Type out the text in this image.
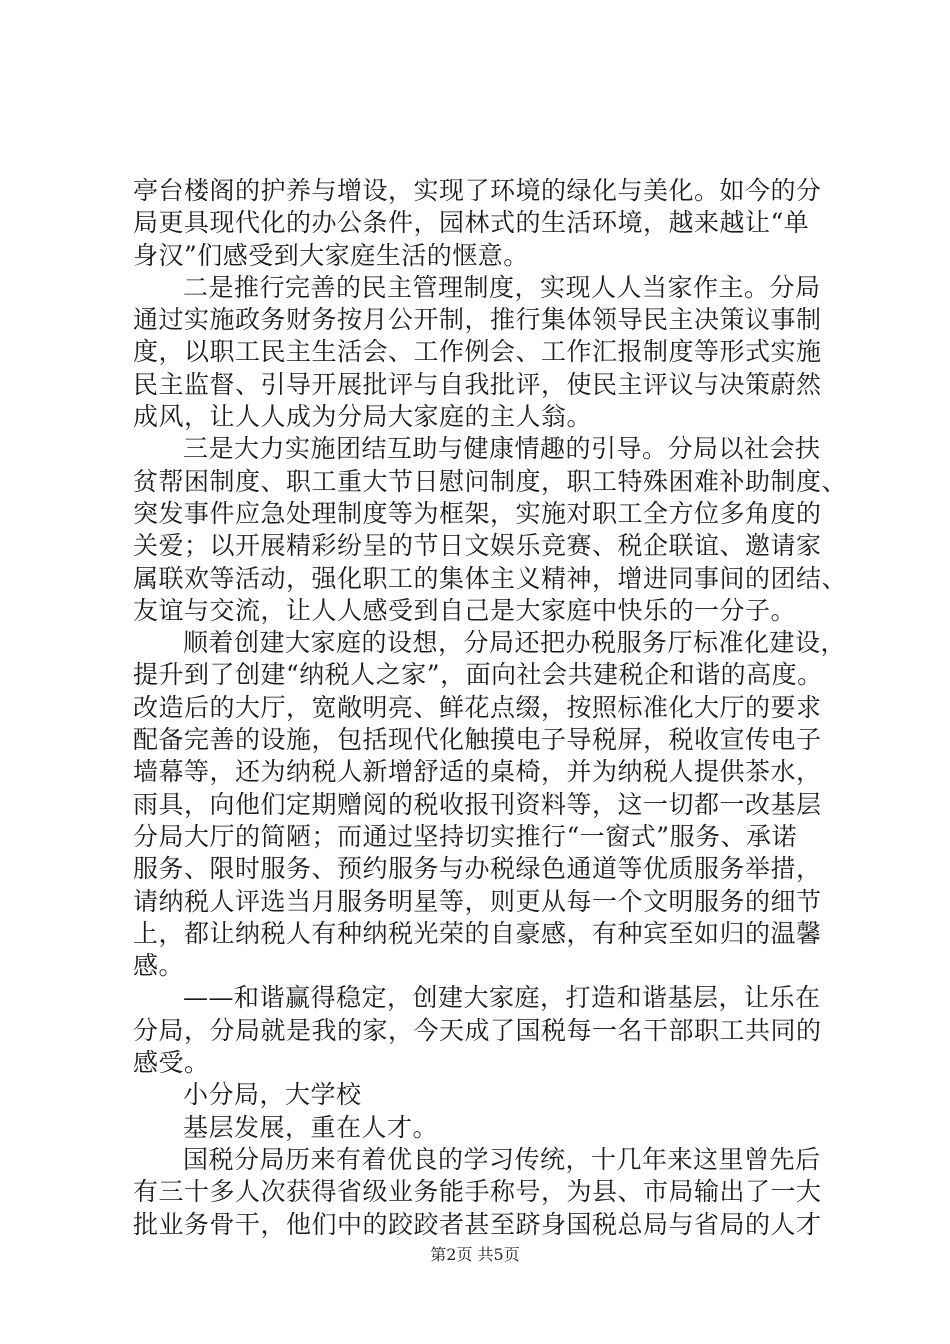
亭台楼阁的护养与增设，实现了环境的绿化与美化。如今的分
局更具现代化的办公条件，园林式的生活环境，越来越让“单
身汉”们感受到大家庭生活的惬意。
二是推行完善的民主管理制度，实现人人当家作主。分局
通过实施政务财务按月公开制，推行集体领导民主决策议事制
度，以职工民主生活会、工作例会、工作汇报制度等形式实施
民主监督、引导开展批评与自我批评，使民主评议与决策蔚然
成风，让人人成为分局大家庭的主人翁。
三是大力实施团结互助与健康情趣的引导。分局以社会扶
贫帮困制度、职工重大节日慰问制度，职工特殊困难补助制度、
突发事件应急处理制度等为框架，实施对职工全方位多角度的
关爱；以开展精彩纷呈的节日文娱乐竞赛、税企联谊、邀请家
属联欢等活动，强化职工的集体主义精神，增进同事间的团结、
友谊与交流，让人人感受到自己是大家庭中快乐的一分子。
顺着创建大家庭的设想，分局还把办税服务厅标准化建设，
提升到了创建“纳税人之家”，面向社会共建税企和谐的高度。
改造后的大厅，宽敞明亮、鲜花点缀，按照标准化大厅的要求
配备完善的设施，包括现代化触摸电子导税屏，税收宣传电子
墙幕等，还为纳税人新增舒适的桌椅，并为纳税人提供茶水，
雨具，向他们定期赠阅的税收报刊资料等，这一切都一改基层
分局大厅的简陋；而通过坚持切实推行“一窗式”服务、承诺
服务、限时服务、预约服务与办税绿色通道等优质服务举措，
请纳税人评选当月服务明星等，则更从每一个文明服务的细节
上，都让纳税人有种纳税光荣的自豪感，有种宾至如归的温馨
感。
——和谐赢得稳定，创建大家庭，打造和谐基层，让乐在
分局，分局就是我的家，今天成了国税每一名干部职工共同的
感受。
小分局，大学校
基层发展，重在人才。
国税分局历来有着优良的学习传统，十几年来这里曾先后
有三十多人次获得省级业务能手称号，为县、市局输出了一大
批业务骨干，他们中的跤跤者甚至跻身国税总局与省局的人才
第2页 共5页
